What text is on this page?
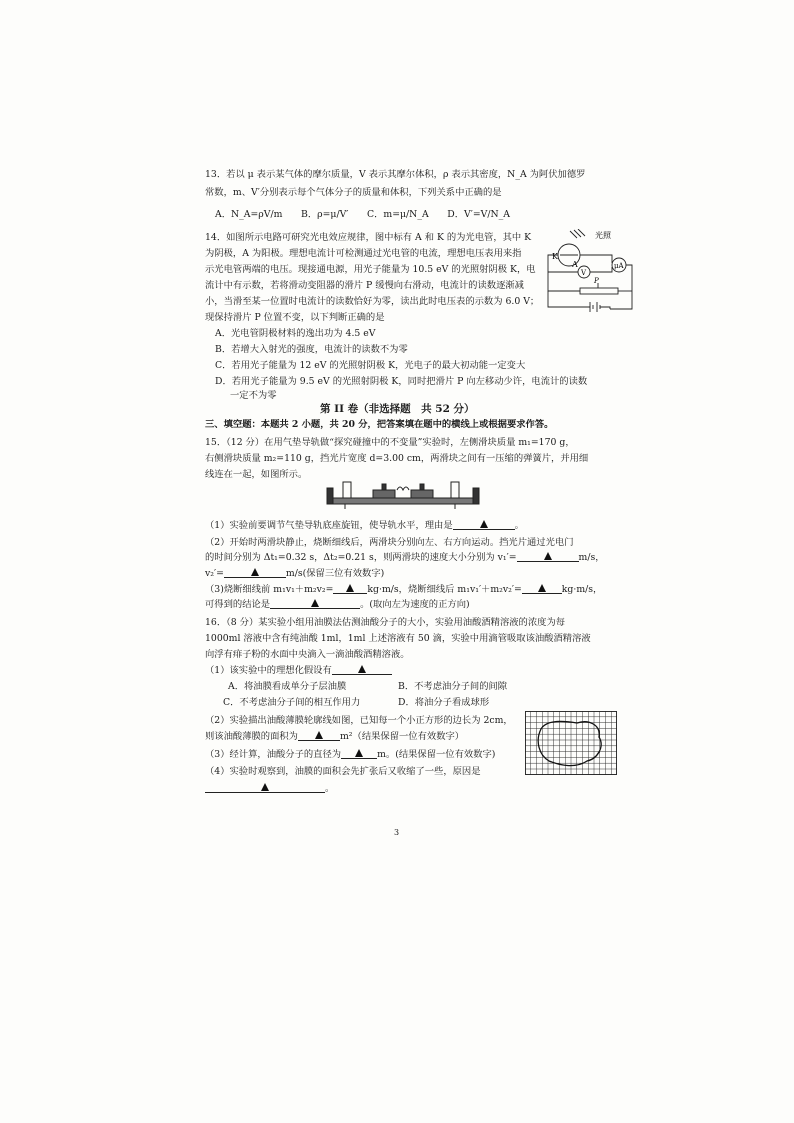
13．若以 μ 表示某气体的摩尔质量，V 表示其摩尔体积，ρ 表示其密度，N_A 为阿伏加德罗
常数，m、V′分别表示每个气体分子的质量和体积，下列关系中正确的是
A．N_A=ρV/m　　B．ρ=μ/V′　　C．m=μ/N_A　　D．V′=V/N_A
14．如图所示电路可研究光电效应规律，图中标有 A 和 K 的为光电管，其中 K
为阴极，A 为阳极。理想电流计可检测通过光电管的电流，理想电压表用来指
示光电管两端的电压。现接通电源，用光子能量为 10.5 eV 的光照射阴极 K，电
流计中有示数，若将滑动变阻器的滑片 P 缓慢向右滑动，电流计的读数逐渐减
小，当滑至某一位置时电流计的读数恰好为零，读出此时电压表的示数为 6.0 V；
现保持滑片 P 位置不变，以下判断正确的是
光照
K
A
V
μA
P
A．光电管阴极材料的逸出功为 4.5 eV
B．若增大入射光的强度，电流计的读数不为零
C．若用光子能量为 12 eV 的光照射阴极 K，光电子的最大初动能一定变大
D．若用光子能量为 9.5 eV 的光照射阴极 K，同时把滑片 P 向左移动少许，电流计的读数
一定不为零
第 II 卷（非选择题　共 52 分）
三、填空题：本题共 2 小题，共 20 分，把答案填在题中的横线上或根据要求作答。
15．（12 分）在用气垫导轨做“探究碰撞中的不变量”实验时，左侧滑块质量 m₁=170 g，
右侧滑块质量 m₂=110 g，挡光片宽度 d=3.00 cm，两滑块之间有一压缩的弹簧片，并用细
线连在一起，如图所示。
（1）实验前要调节气垫导轨底座旋钮，使导轨水平，理由是	。
（2）开始时两滑块静止，烧断细线后，两滑块分别向左、右方向运动。挡光片通过光电门
的时间分别为 Δt₁=0.32 s，Δt₂=0.21 s，则两滑块的速度大小分别为 v₁′=	m/s，
v₂′=	m/s(保留三位有效数字)
（3)烧断细线前 m₁v₁＋m₂v₂=	kg·m/s，烧断细线后 m₁v₁′＋m₂v₂′=	kg·m/s，
可得到的结论是	。(取向左为速度的正方向)
16．（8 分）某实验小组用油膜法估测油酸分子的大小，实验用油酸酒精溶液的浓度为每
1000ml 溶液中含有纯油酸 1ml，1ml 上述溶液有 50 滴，实验中用滴管吸取该油酸酒精溶液
向浮有痱子粉的水面中央滴入一滴油酸酒精溶液。
（1）该实验中的理想化假设有
A．将油膜看成单分子层油膜	B．不考虑油分子间的间隙
C．不考虑油分子间的相互作用力	D．将油分子看成球形
（2）实验描出油酸薄膜轮廓线如图，已知每一个小正方形的边长为 2cm，
则该油酸薄膜的面积为	m²（结果保留一位有效数字）
（3）经计算，油酸分子的直径为	m。(结果保留一位有效数字)
（4）实验时观察到，油膜的面积会先扩张后又收缩了一些，原因是
。
3
